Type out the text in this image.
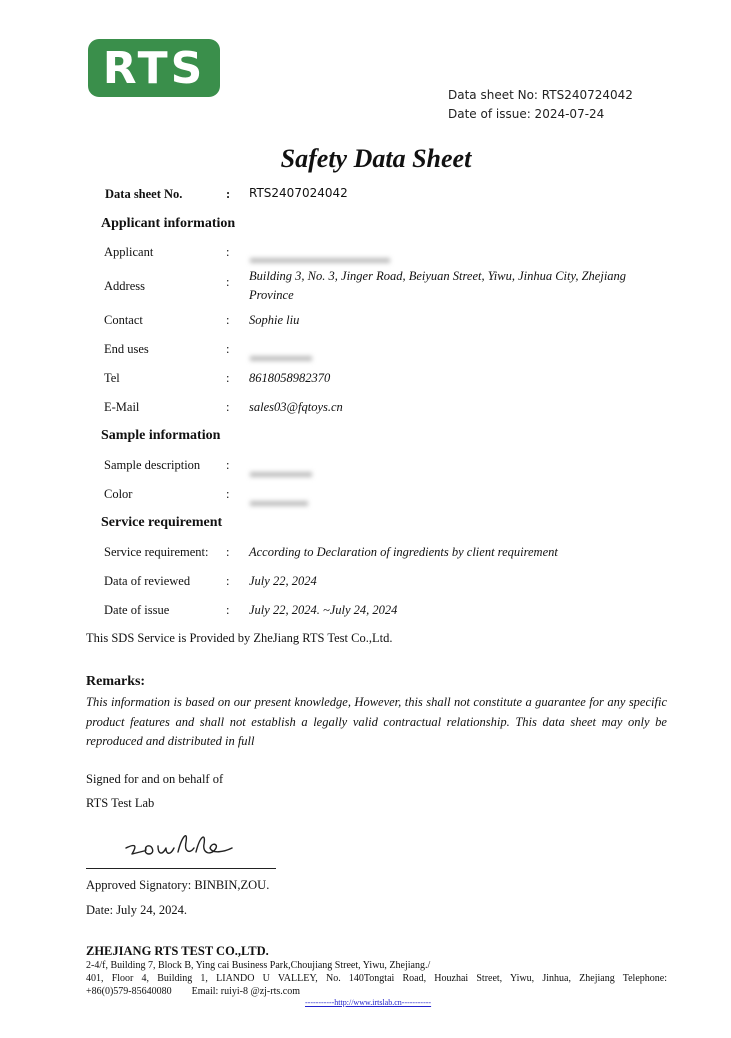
RTS
Data sheet No: RTS240724042
Date of issue: 2024-07-24
Safety Data Sheet
Data sheet No.	: RTS2407024042
Applicant information
Applicant	:
Address	: Building 3, No. 3, Jinger Road, Beiyuan Street, Yiwu, Jinhua City, Zhejiang Province
Contact	: Sophie liu
End uses	:
Tel	: 8618058982370
E-Mail	: sales03@fqtoys.cn
Sample information
Sample description :
Color	:
Service requirement
Service requirement: : According to Declaration of ingredients by client requirement
Data of reviewed	: July 22, 2024
Date of issue	: July 22, 2024. ~July 24, 2024
This SDS Service is Provided by ZheJiang RTS Test Co.,Ltd.
Remarks:
This information is based on our present knowledge, However, this shall not constitute a guarantee for any specific product features and shall not establish a legally valid contractual relationship. This data sheet may only be reproduced and distributed in full
Signed for and on behalf of
RTS Test Lab
Approved Signatory: BINBIN,ZOU.
Date: July 24, 2024.
ZHEJIANG RTS TEST CO.,LTD.
2-4/f, Building 7, Block B, Ying cai Business Park,Choujiang Street, Yiwu, Zhejiang./
401, Floor 4, Building 1, LIANDO U VALLEY, No. 140Tongtai Road, Houzhai Street, Yiwu, Jinhua, Zhejiang Telephone:
+86(0)579-85640080        Email: ruiyi-8 @zj-rts.com
-----------http://www.irtslab.cn-----------
